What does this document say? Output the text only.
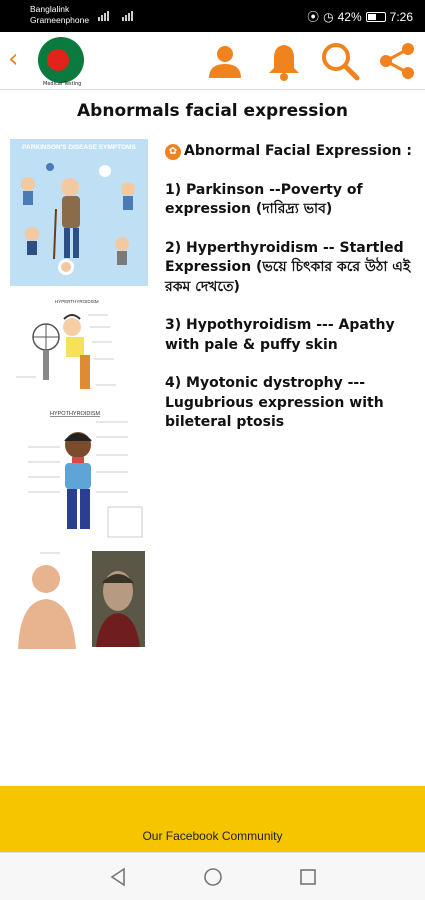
Banglalink
Grameenphone	⦿ ◷ 42% 7:26
‹
Medical Testing
Abnormals facial expression
PARKINSON'S DISEASE SYMPTOMS
HYPERTHYROIDISM
HYPOTHYROIDISM
✿ Abnormal Facial Expression :

1) Parkinson --Poverty of expression (দারিদ্র্য ভাব)

2) Hyperthyroidism -- Startled Expression (ভয়ে চিৎকার করে উঠা এই রকম দেখতে)

3) Hypothyroidism --- Apathy with pale & puffy skin

4) Myotonic dystrophy --- Lugubrious expression with bileteral ptosis

Our Facebook Community
